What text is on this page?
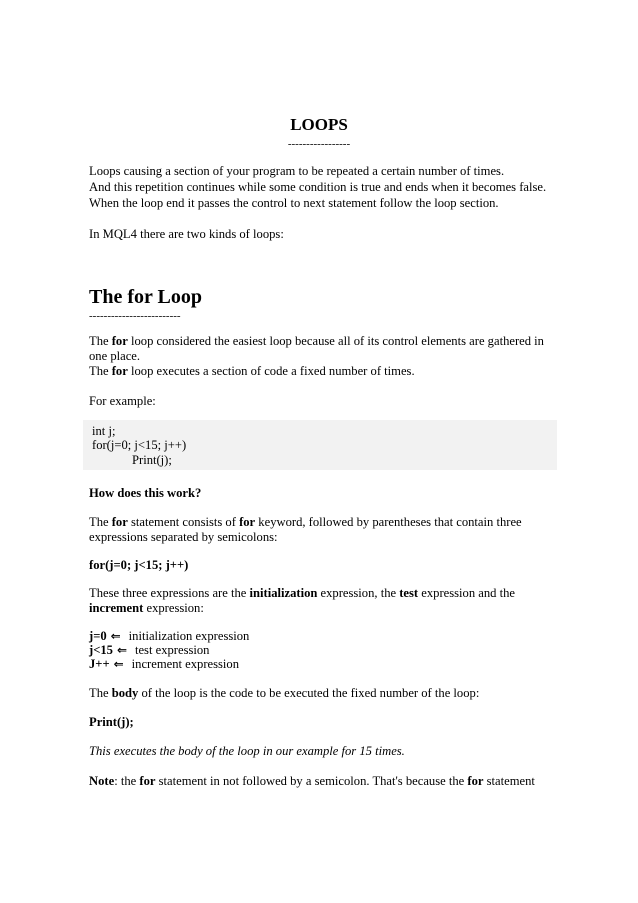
LOOPS
-----------------

Loops causing a section of your program to be repeated a certain number of times.

And this repetition continues while some condition is true and ends when it becomes false.

When the loop end it passes the control to next statement follow the loop section.

In MQL4 there are two kinds of loops:

The for Loop
-------------------------

The for loop considered the easiest loop because all of its control elements are gathered in

one place.

The for loop executes a section of code a fixed number of times.

For example:

int j;

for(j=0; j<15; j++)

Print(j);

How does this work?

The for statement consists of for keyword, followed by parentheses that contain three

expressions separated by semicolons:

for(j=0; j<15; j++)

These three expressions are the initialization expression, the test expression and the

increment expression:

j=0 ⇐ initialization expression

j<15 ⇐ test expression

J++ ⇐ increment expression

The body of the loop is the code to be executed the fixed number of the loop:

Print(j);

This executes the body of the loop in our example for 15 times.

Note: the for statement in not followed by a semicolon. That's because the for statement
